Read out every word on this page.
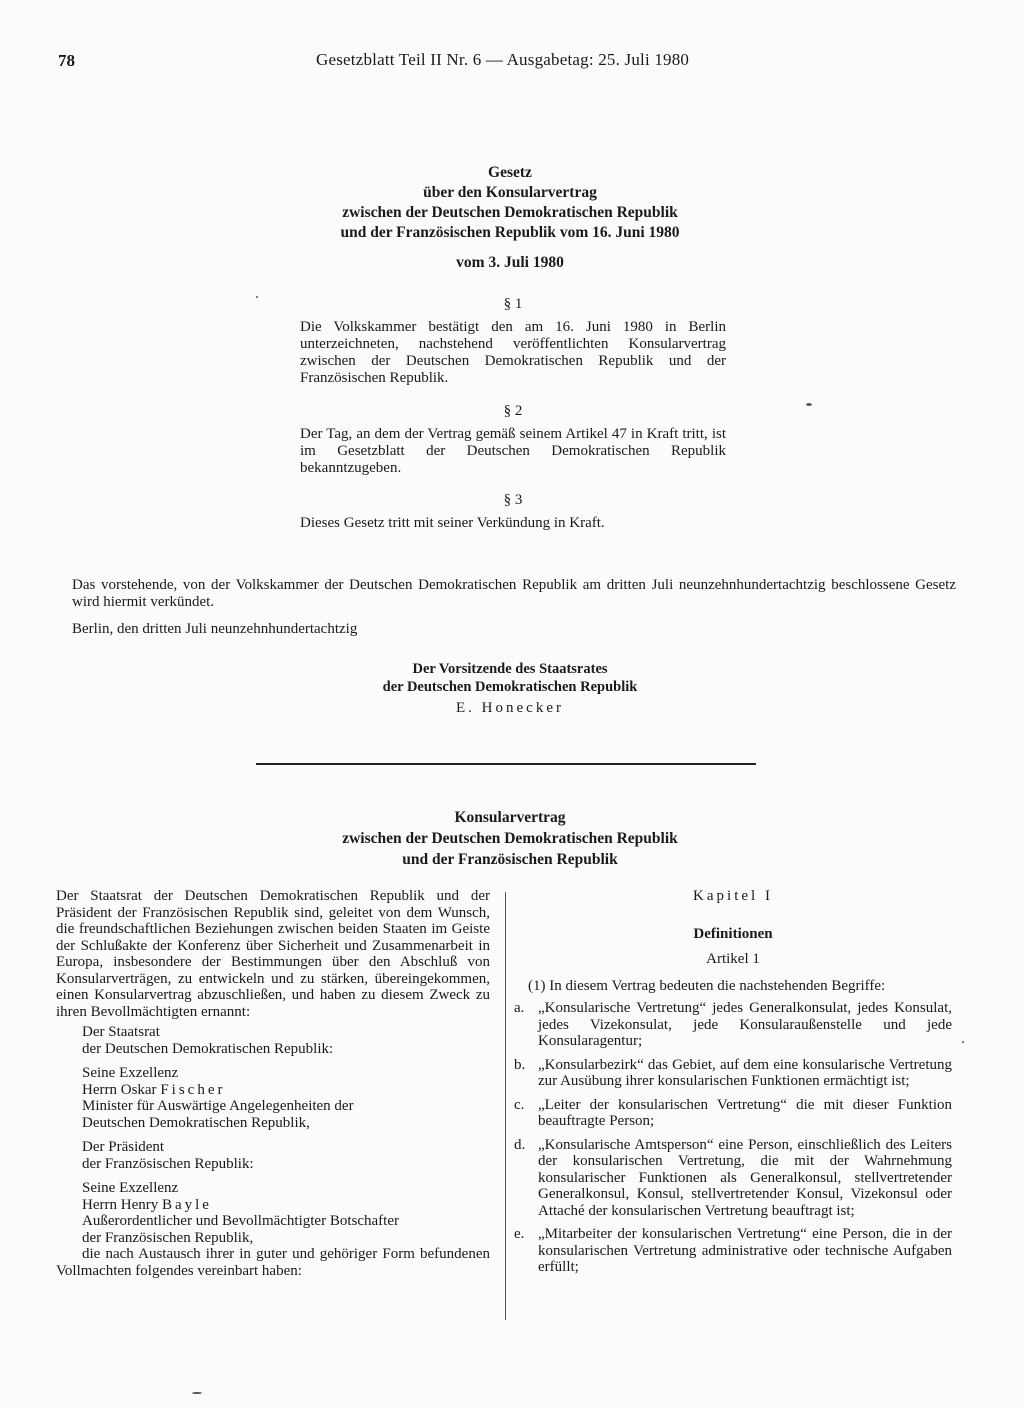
78	Gesetzblatt Teil II Nr. 6 — Ausgabetag: 25. Juli 1980
Gesetz
über den Konsularvertrag
zwischen der Deutschen Demokratischen Republik
und der Französischen Republik vom 16. Juni 1980
vom 3. Juli 1980
§ 1
Die Volkskammer bestätigt den am 16. Juni 1980 in Berlin unterzeichneten, nachstehend veröffentlichten Konsularvertrag zwischen der Deutschen Demokratischen Republik und der Französischen Republik.
§ 2
Der Tag, an dem der Vertrag gemäß seinem Artikel 47 in Kraft tritt, ist im Gesetzblatt der Deutschen Demokratischen Republik bekanntzugeben.
§ 3
Dieses Gesetz tritt mit seiner Verkündung in Kraft.
Das vorstehende, von der Volkskammer der Deutschen Demokratischen Republik am dritten Juli neunzehnhundertachtzig beschlossene Gesetz wird hiermit verkündet.
Berlin, den dritten Juli neunzehnhundertachtzig
Der Vorsitzende des Staatsrates
der Deutschen Demokratischen Republik
E. Honecker
Konsularvertrag
zwischen der Deutschen Demokratischen Republik
und der Französischen Republik

Der Staatsrat der Deutschen Demokratischen Republik und der Präsident der Französischen Republik sind, geleitet von dem Wunsch, die freundschaftlichen Beziehungen zwischen beiden Staaten im Geiste der Schlußakte der Konferenz über Sicherheit und Zusammenarbeit in Europa, insbesondere der Bestimmungen über den Abschluß von Konsularverträgen, zu entwickeln und zu stärken, übereingekommen, einen Konsularvertrag abzuschließen, und haben zu diesem Zweck zu ihren Bevollmächtigten ernannt:

Der Staatsrat
der Deutschen Demokratischen Republik:
Seine Exzellenz
Herrn Oskar Fischer
Minister für Auswärtige Angelegenheiten der
Deutschen Demokratischen Republik,
Der Präsident
der Französischen Republik:
Seine Exzellenz
Herrn Henry Bayle
Außerordentlicher und Bevollmächtigter Botschafter
der Französischen Republik,

die nach Austausch ihrer in guter und gehöriger Form befundenen Vollmachten folgendes vereinbart haben:

Kapitel I
Definitionen
Artikel 1
(1) In diesem Vertrag bedeuten die nachstehenden Begriffe:
a. „Konsularische Vertretung“ jedes Generalkonsulat, jedes Konsulat, jedes Vizekonsulat, jede Konsularaußenstelle und jede Konsularagentur;
b. „Konsularbezirk“ das Gebiet, auf dem eine konsularische Vertretung zur Ausübung ihrer konsularischen Funktionen ermächtigt ist;
c. „Leiter der konsularischen Vertretung“ die mit dieser Funktion beauftragte Person;
d. „Konsularische Amtsperson“ eine Person, einschließlich des Leiters der konsularischen Vertretung, die mit der Wahrnehmung konsularischer Funktionen als Generalkonsul, stellvertretender Generalkonsul, Konsul, stellvertretender Konsul, Vizekonsul oder Attaché der konsularischen Vertretung beauftragt ist;
e. „Mitarbeiter der konsularischen Vertretung“ eine Person, die in der konsularischen Vertretung administrative oder technische Aufgaben erfüllt;
